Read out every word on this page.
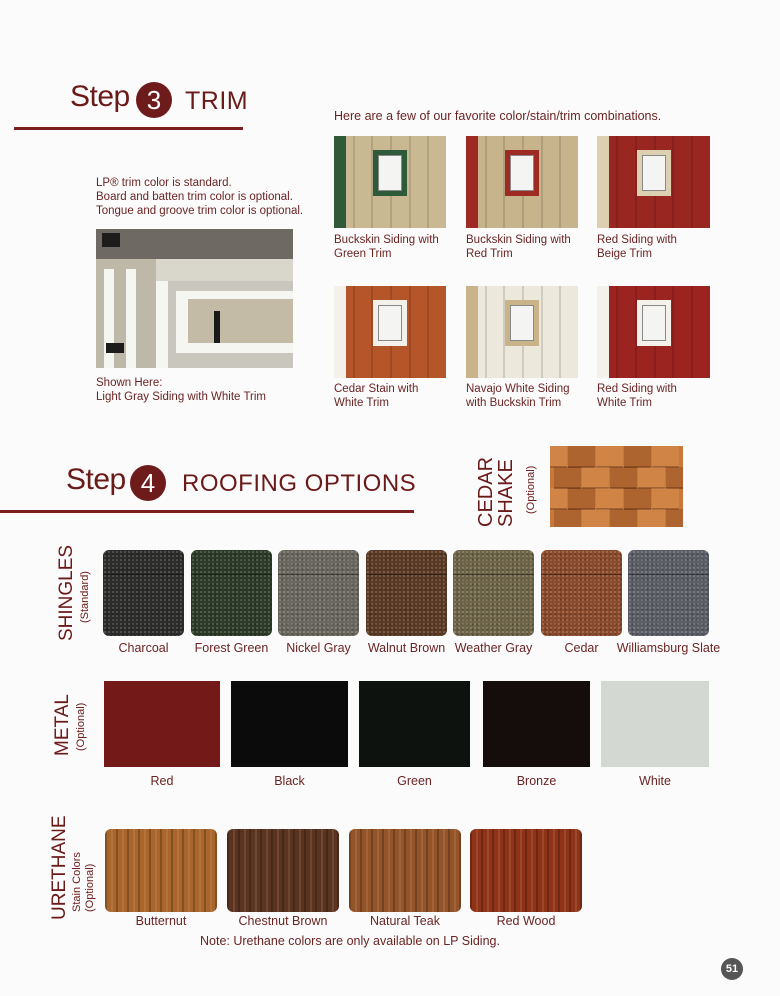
Step 3 TRIM
LP® trim color is standard.
Board and batten trim color is optional.
Tongue and groove trim color is optional.
Shown Here:
Light Gray Siding with White Trim
Here are a few of our favorite color/stain/trim combinations.
Buckskin Siding with
Green Trim
Buckskin Siding with
Red Trim
Red Siding with
Beige Trim
Cedar Stain with
White Trim
Navajo White Siding
with Buckskin Trim
Red Siding with
White Trim
Step 4	ROOFING OPTIONS	CEDAR
SHAKE (Optional)
SHINGLES (Standard)
Charcoal	Forest Green	Nickel Gray	Walnut Brown Weather Gray	Cedar	Williamsburg Slate
METAL (Optional)
Red	Black	Green	Bronze	White
URETHANE Stain Colors (Optional)
Butternut	Chestnut Brown	Natural Teak	Red Wood
Note: Urethane colors are only available on LP Siding.
51
